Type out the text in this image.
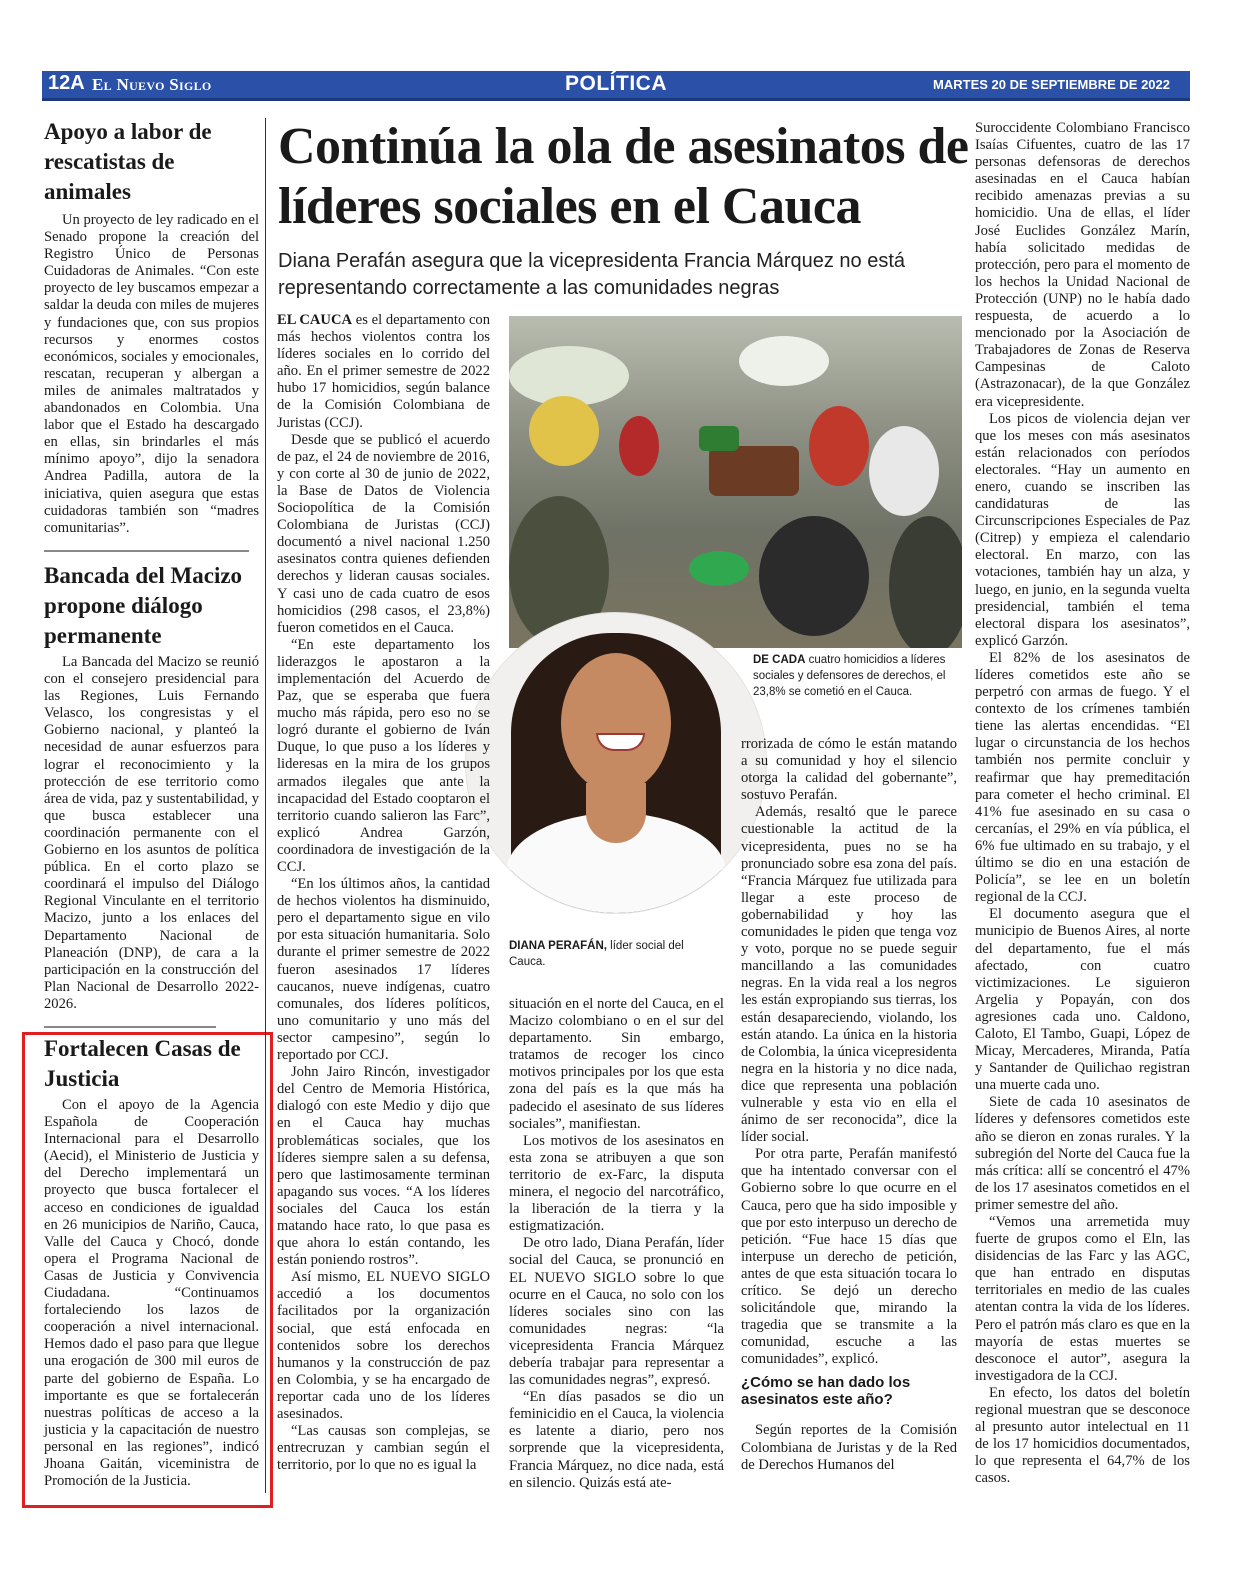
12A El Nuevo Siglo	POLÍTICA	MARTES 20 DE SEPTIEMBRE DE 2022
Apoyo a labor de rescatistas de animales

Un proyecto de ley radicado en el Senado propone la creación del Registro Único de Personas Cuidadoras de Animales. “Con este proyecto de ley buscamos empezar a saldar la deuda con miles de mujeres y fundaciones que, con sus propios recursos y enormes costos económicos, sociales y emocionales, rescatan, recuperan y albergan a miles de animales maltratados y abandonados en Colombia. Una labor que el Estado ha descargado en ellas, sin brindarles el más mínimo apoyo”, dijo la senadora Andrea Padilla, autora de la iniciativa, quien asegura que estas cuidadoras también son “madres comunitarias”.

Bancada del Macizo propone diálogo permanente

La Bancada del Macizo se reunió con el consejero presidencial para las Regiones, Luis Fernando Velasco, los congresistas y el Gobierno nacional, y planteó la necesidad de aunar esfuerzos para lograr el reconocimiento y la protección de ese territorio como área de vida, paz y sustentabilidad, y que busca establecer una coordinación permanente con el Gobierno en los asuntos de política pública. En el corto plazo se coordinará el impulso del Diálogo Regional Vinculante en el territorio Macizo, junto a los enlaces del Departamento Nacional de Planeación (DNP), de cara a la participación en la construcción del Plan Nacional de Desarrollo 2022-2026.

Fortalecen Casas de Justicia

Con el apoyo de la Agencia Española de Cooperación Internacional para el Desarrollo (Aecid), el Ministerio de Justicia y del Derecho implementará un proyecto que busca fortalecer el acceso en condiciones de igualdad en 26 municipios de Nariño, Cauca, Valle del Cauca y Chocó, donde opera el Programa Nacional de Casas de Justicia y Convivencia Ciudadana. “Continuamos fortaleciendo los lazos de cooperación a nivel internacional. Hemos dado el paso para que llegue una erogación de 300 mil euros de parte del gobierno de España. Lo importante es que se fortalecerán nuestras políticas de acceso a la justicia y la capacitación de nuestro personal en las regiones”, indicó Jhoana Gaitán, viceministra de Promoción de la Justicia.

Continúa la ola de asesinatos de líderes sociales en el Cauca

Diana Perafán asegura que la vicepresidenta Francia Márquez no está representando correctamente a las comunidades negras

DE CADA cuatro homicidios a líderes sociales y defensores de derechos, el 23,8% se cometió en el Cauca.

DIANA PERAFÁN, líder social del Cauca.

EL CAUCA es el departamento con más hechos violentos contra los líderes sociales en lo corrido del año. En el primer semestre de 2022 hubo 17 homicidios, según balance de la Comisión Colombiana de Juristas (CCJ).

Desde que se publicó el acuerdo de paz, el 24 de noviembre de 2016, y con corte al 30 de junio de 2022, la Base de Datos de Violencia Sociopolítica de la Comisión Colombiana de Juristas (CCJ) documentó a nivel nacional 1.250 asesinatos contra quienes defienden derechos y lideran causas sociales. Y casi uno de cada cuatro de esos homicidios (298 casos, el 23,8%) fueron cometidos en el Cauca.

“En este departamento los liderazgos le apostaron a la implementación del Acuerdo de Paz, que se esperaba que fuera mucho más rápida, pero eso no se logró durante el gobierno de Iván Duque, lo que puso a los líderes y lideresas en la mira de los grupos armados ilegales que ante la incapacidad del Estado cooptaron el territorio cuando salieron las Farc”, explicó Andrea Garzón, coordinadora de investigación de la CCJ.

“En los últimos años, la cantidad de hechos violentos ha disminuido, pero el departamento sigue en vilo por esta situación humanitaria. Solo durante el primer semestre de 2022 fueron asesinados 17 líderes caucanos, nueve indígenas, cuatro comunales, dos líderes políticos, uno comunitario y uno más del sector campesino”, según lo reportado por CCJ.

John Jairo Rincón, investigador del Centro de Memoria Histórica, dialogó con este Medio y dijo que en el Cauca hay muchas problemáticas sociales, que los líderes siempre salen a su defensa, pero que lastimosamente terminan apagando sus voces. “A los líderes sociales del Cauca los están matando hace rato, lo que pasa es que ahora lo están contando, les están poniendo rostros”.

Así mismo, EL NUEVO SIGLO accedió a los documentos facilitados por la organización social, que está enfocada en contenidos sobre los derechos humanos y la construcción de paz en Colombia, y se ha encargado de reportar cada uno de los líderes asesinados.

“Las causas son complejas, se entrecruzan y cambian según el territorio, por lo que no es igual la

situación en el norte del Cauca, en el Macizo colombiano o en el sur del departamento. Sin embargo, tratamos de recoger los cinco motivos principales por los que esta zona del país es la que más ha padecido el asesinato de sus líderes sociales”, manifiestan.

Los motivos de los asesinatos en esta zona se atribuyen a que son territorio de ex-Farc, la disputa minera, el negocio del narcotráfico, la liberación de la tierra y la estigmatización.

De otro lado, Diana Perafán, líder social del Cauca, se pronunció en EL NUEVO SIGLO sobre lo que ocurre en el Cauca, no solo con los líderes sociales sino con las comunidades negras: “la vicepresidenta Francia Márquez debería trabajar para representar a las comunidades negras”, expresó.

“En días pasados se dio un feminicidio en el Cauca, la violencia es latente a diario, pero nos sorprende que la vicepresidenta, Francia Márquez, no dice nada, está en silencio. Quizás está ate-

rrorizada de cómo le están matando a su comunidad y hoy el silencio otorga la calidad del gobernante”, sostuvo Perafán.

Además, resaltó que le parece cuestionable la actitud de la vicepresidenta, pues no se ha pronunciado sobre esa zona del país. “Francia Márquez fue utilizada para llegar a este proceso de gobernabilidad y hoy las comunidades le piden que tenga voz y voto, porque no se puede seguir mancillando a las comunidades negras. En la vida real a los negros les están expropiando sus tierras, los están desapareciendo, violando, los están atando. La única en la historia de Colombia, la única vicepresidenta negra en la historia y no dice nada, dice que representa una población vulnerable y esta vio en ella el ánimo de ser reconocida”, dice la líder social.

Por otra parte, Perafán manifestó que ha intentado conversar con el Gobierno sobre lo que ocurre en el Cauca, pero que ha sido imposible y que por esto interpuso un derecho de petición. “Fue hace 15 días que interpuse un derecho de petición, antes de que esta situación tocara lo crítico. Se dejó un derecho solicitándole que, mirando la tragedia que se transmite a la comunidad, escuche a las comunidades”, explicó.

¿Cómo se han dado los asesinatos este año?

Según reportes de la Comisión Colombiana de Juristas y de la Red de Derechos Humanos del

Suroccidente Colombiano Francisco Isaías Cifuentes, cuatro de las 17 personas defensoras de derechos asesinadas en el Cauca habían recibido amenazas previas a su homicidio. Una de ellas, el líder José Euclides González Marín, había solicitado medidas de protección, pero para el momento de los hechos la Unidad Nacional de Protección (UNP) no le había dado respuesta, de acuerdo a lo mencionado por la Asociación de Trabajadores de Zonas de Reserva Campesinas de Caloto (Astrazonacar), de la que González era vicepresidente.

Los picos de violencia dejan ver que los meses con más asesinatos están relacionados con períodos electorales. “Hay un aumento en enero, cuando se inscriben las candidaturas de las Circunscripciones Especiales de Paz (Citrep) y empieza el calendario electoral. En marzo, con las votaciones, también hay un alza, y luego, en junio, en la segunda vuelta presidencial, también el tema electoral dispara los asesinatos”, explicó Garzón.

El 82% de los asesinatos de líderes cometidos este año se perpetró con armas de fuego. Y el contexto de los crímenes también tiene las alertas encendidas. “El lugar o circunstancia de los hechos también nos permite concluir y reafirmar que hay premeditación para cometer el hecho criminal. El 41% fue asesinado en su casa o cercanías, el 29% en vía pública, el 6% fue ultimado en su trabajo, y el último se dio en una estación de Policía”, se lee en un boletín regional de la CCJ.

El documento asegura que el municipio de Buenos Aires, al norte del departamento, fue el más afectado, con cuatro victimizaciones. Le siguieron Argelia y Popayán, con dos agresiones cada uno. Caldono, Caloto, El Tambo, Guapi, López de Micay, Mercaderes, Miranda, Patía y Santander de Quilichao registran una muerte cada uno.

Siete de cada 10 asesinatos de líderes y defensores cometidos este año se dieron en zonas rurales. Y la subregión del Norte del Cauca fue la más crítica: allí se concentró el 47% de los 17 asesinatos cometidos en el primer semestre del año.

“Vemos una arremetida muy fuerte de grupos como el Eln, las disidencias de las Farc y las AGC, que han entrado en disputas territoriales en medio de las cuales atentan contra la vida de los líderes. Pero el patrón más claro es que en la mayoría de estas muertes se desconoce el autor”, asegura la investigadora de la CCJ.

En efecto, los datos del boletín regional muestran que se desconoce al presunto autor intelectual en 11 de los 17 homicidios documentados, lo que representa el 64,7% de los casos.
